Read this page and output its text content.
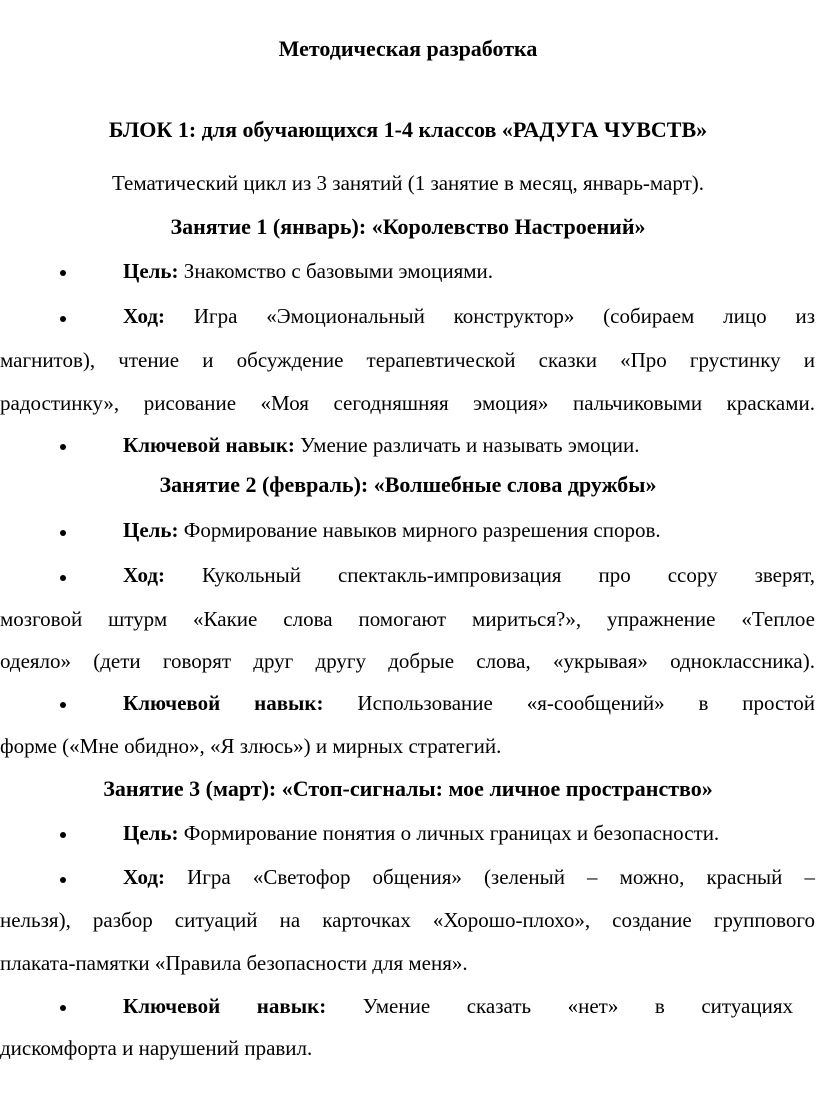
Методическая разработка
БЛОК 1: для обучающихся 1-4 классов «РАДУГА ЧУВСТВ»
Тематический цикл из 3 занятий (1 занятие в месяц, январь-март).
Занятие 1 (январь): «Королевство Настроений»
Цель: Знакомство с базовыми эмоциями.
Ход: Игра «Эмоциональный конструктор» (собираем лицо из
магнитов), чтение и обсуждение терапевтической сказки «Про грустинку и
радостинку», рисование «Моя сегодняшняя эмоция» пальчиковыми красками.
Ключевой навык: Умение различать и называть эмоции.
Занятие 2 (февраль): «Волшебные слова дружбы»
Цель: Формирование навыков мирного разрешения споров.
Ход: Кукольный спектакль-импровизация про ссору зверят,
мозговой штурм «Какие слова помогают мириться?», упражнение «Теплое
одеяло» (дети говорят друг другу добрые слова, «укрывая» одноклассника).
Ключевой навык: Использование «я-сообщений» в простой
форме («Мне обидно», «Я злюсь») и мирных стратегий.
Занятие 3 (март): «Стоп-сигналы: мое личное пространство»
Цель: Формирование понятия о личных границах и безопасности.
Ход: Игра «Светофор общения» (зеленый – можно, красный –
нельзя), разбор ситуаций на карточках «Хорошо-плохо», создание группового
плаката-памятки «Правила безопасности для меня».
Ключевой навык: Умение сказать «нет» в ситуациях
дискомфорта и нарушений правил.
